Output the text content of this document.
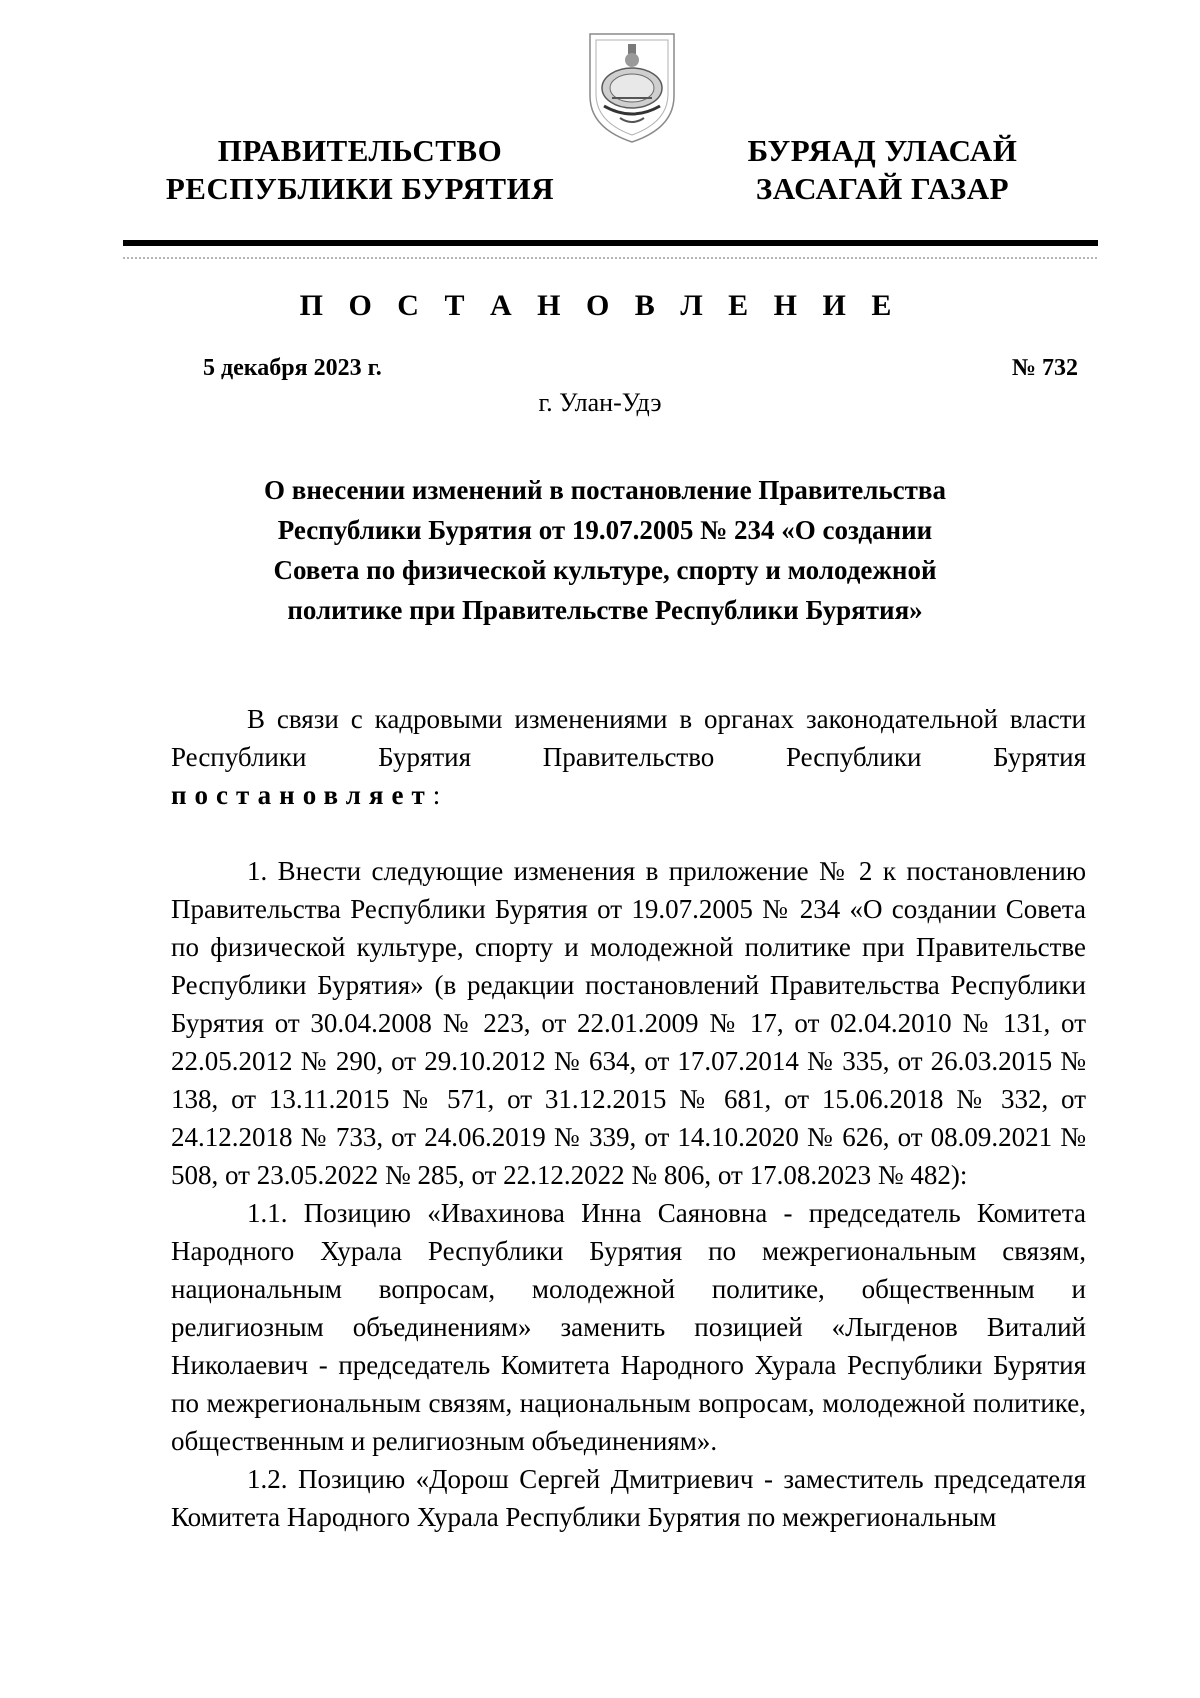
ПРАВИТЕЛЬСТВО
РЕСПУБЛИКИ БУРЯТИЯ
БУРЯАД УЛАСАЙ
ЗАСАГАЙ ГАЗАР
П О С Т А Н О В Л Е Н И Е
5 декабря 2023 г.	№ 732
г. Улан-Удэ
О внесении изменений в постановление Правительства
Республики Бурятия от 19.07.2005 № 234 «О создании
Совета по физической культуре, спорту и молодежной
политике при Правительстве Республики Бурятия»

В связи с кадровыми изменениями в органах законодательной власти Республики Бурятия Правительство Республики Бурятия постановляет:

1. Внести следующие изменения в приложение № 2 к постановлению Правительства Республики Бурятия от 19.07.2005 № 234 «О создании Совета по физической культуре, спорту и молодежной политике при Правительстве Республики Бурятия» (в редакции постановлений Правительства Республики Бурятия от 30.04.2008 № 223, от 22.01.2009 № 17, от 02.04.2010 № 131, от 22.05.2012 № 290, от 29.10.2012 № 634, от 17.07.2014 № 335, от 26.03.2015 № 138, от 13.11.2015 № 571, от 31.12.2015 № 681, от 15.06.2018 № 332, от 24.12.2018 № 733, от 24.06.2019 № 339, от 14.10.2020 № 626, от 08.09.2021 № 508, от 23.05.2022 № 285, от 22.12.2022 № 806, от 17.08.2023 № 482):

1.1. Позицию «Ивахинова Инна Саяновна - председатель Комитета Народного Хурала Республики Бурятия по межрегиональным связям, национальным вопросам, молодежной политике, общественным и религиозным объединениям» заменить позицией «Лыгденов Виталий Николаевич - председатель Комитета Народного Хурала Республики Бурятия по межрегиональным связям, национальным вопросам, молодежной политике, общественным и религиозным объединениям».

1.2. Позицию «Дорош Сергей Дмитриевич - заместитель председателя Комитета Народного Хурала Республики Бурятия по межрегиональным
